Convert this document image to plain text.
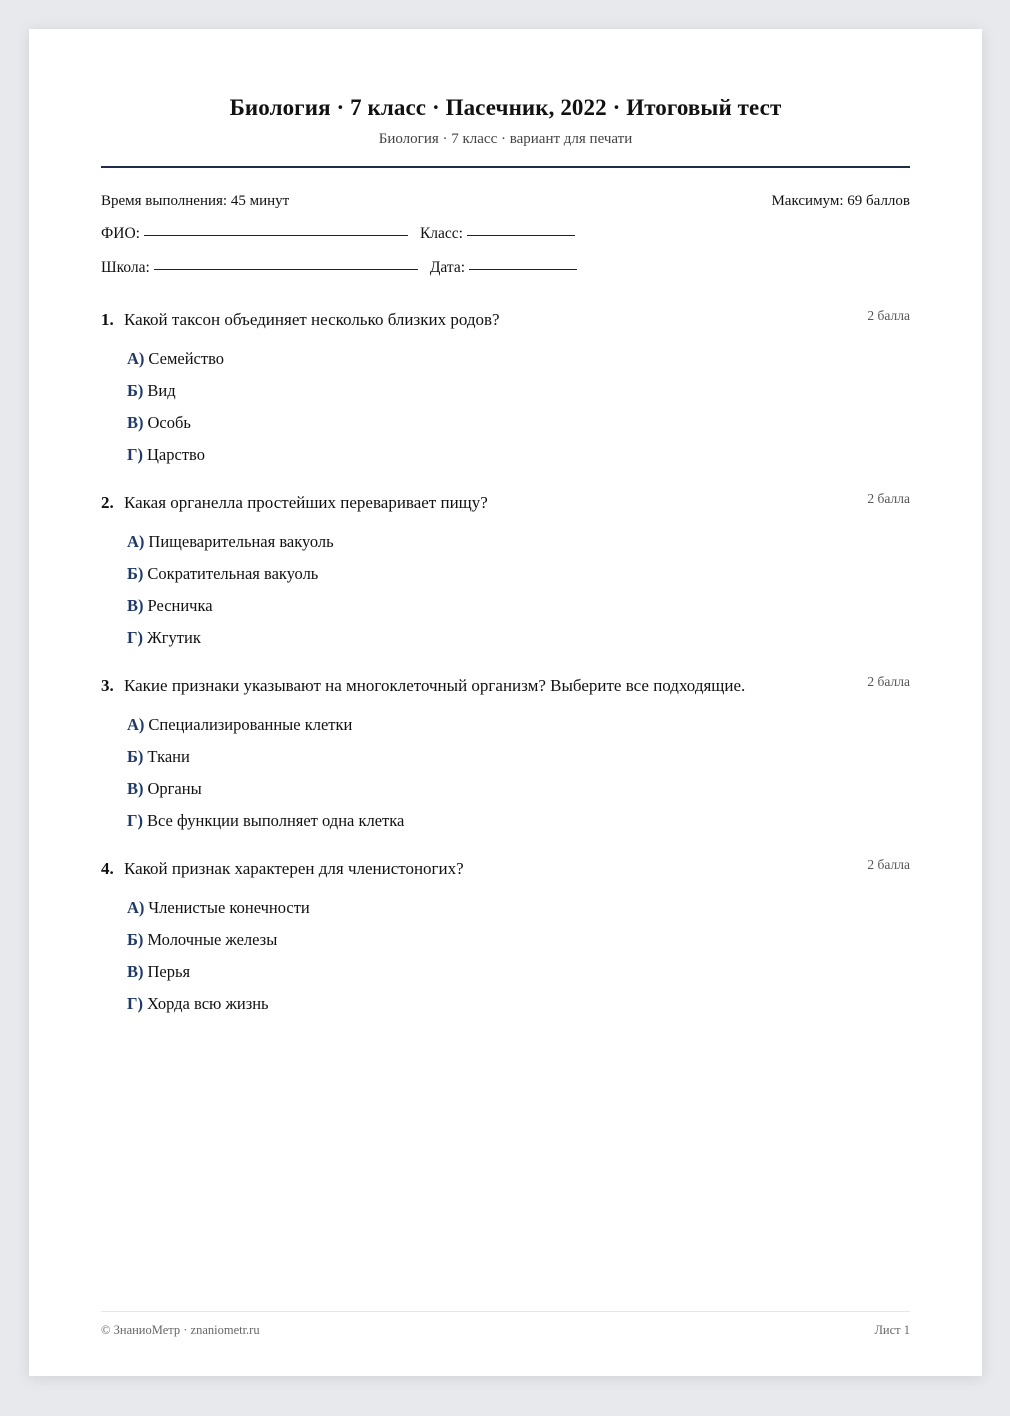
Биология · 7 класс · Пасечник, 2022 · Итоговый тест
Биология · 7 класс · вариант для печати
Время выполнения: 45 минут	Максимум: 69 баллов
ФИО:	Класс:
Школа:	Дата:
1. Какой таксон объединяет несколько близких родов?	2 балла
А) Семейство
Б) Вид
В) Особь
Г) Царство
2. Какая органелла простейших переваривает пищу?	2 балла
А) Пищеварительная вакуоль
Б) Сократительная вакуоль
В) Ресничка
Г) Жгутик
3. Какие признаки указывают на многоклеточный организм? Выберите все подходящие.	2 балла
А) Специализированные клетки
Б) Ткани
В) Органы
Г) Все функции выполняет одна клетка
4. Какой признак характерен для членистоногих?	2 балла
А) Членистые конечности
Б) Молочные железы
В) Перья
Г) Хорда всю жизнь
© ЗнаниоМетр · znaniometr.ru	Лист 1
